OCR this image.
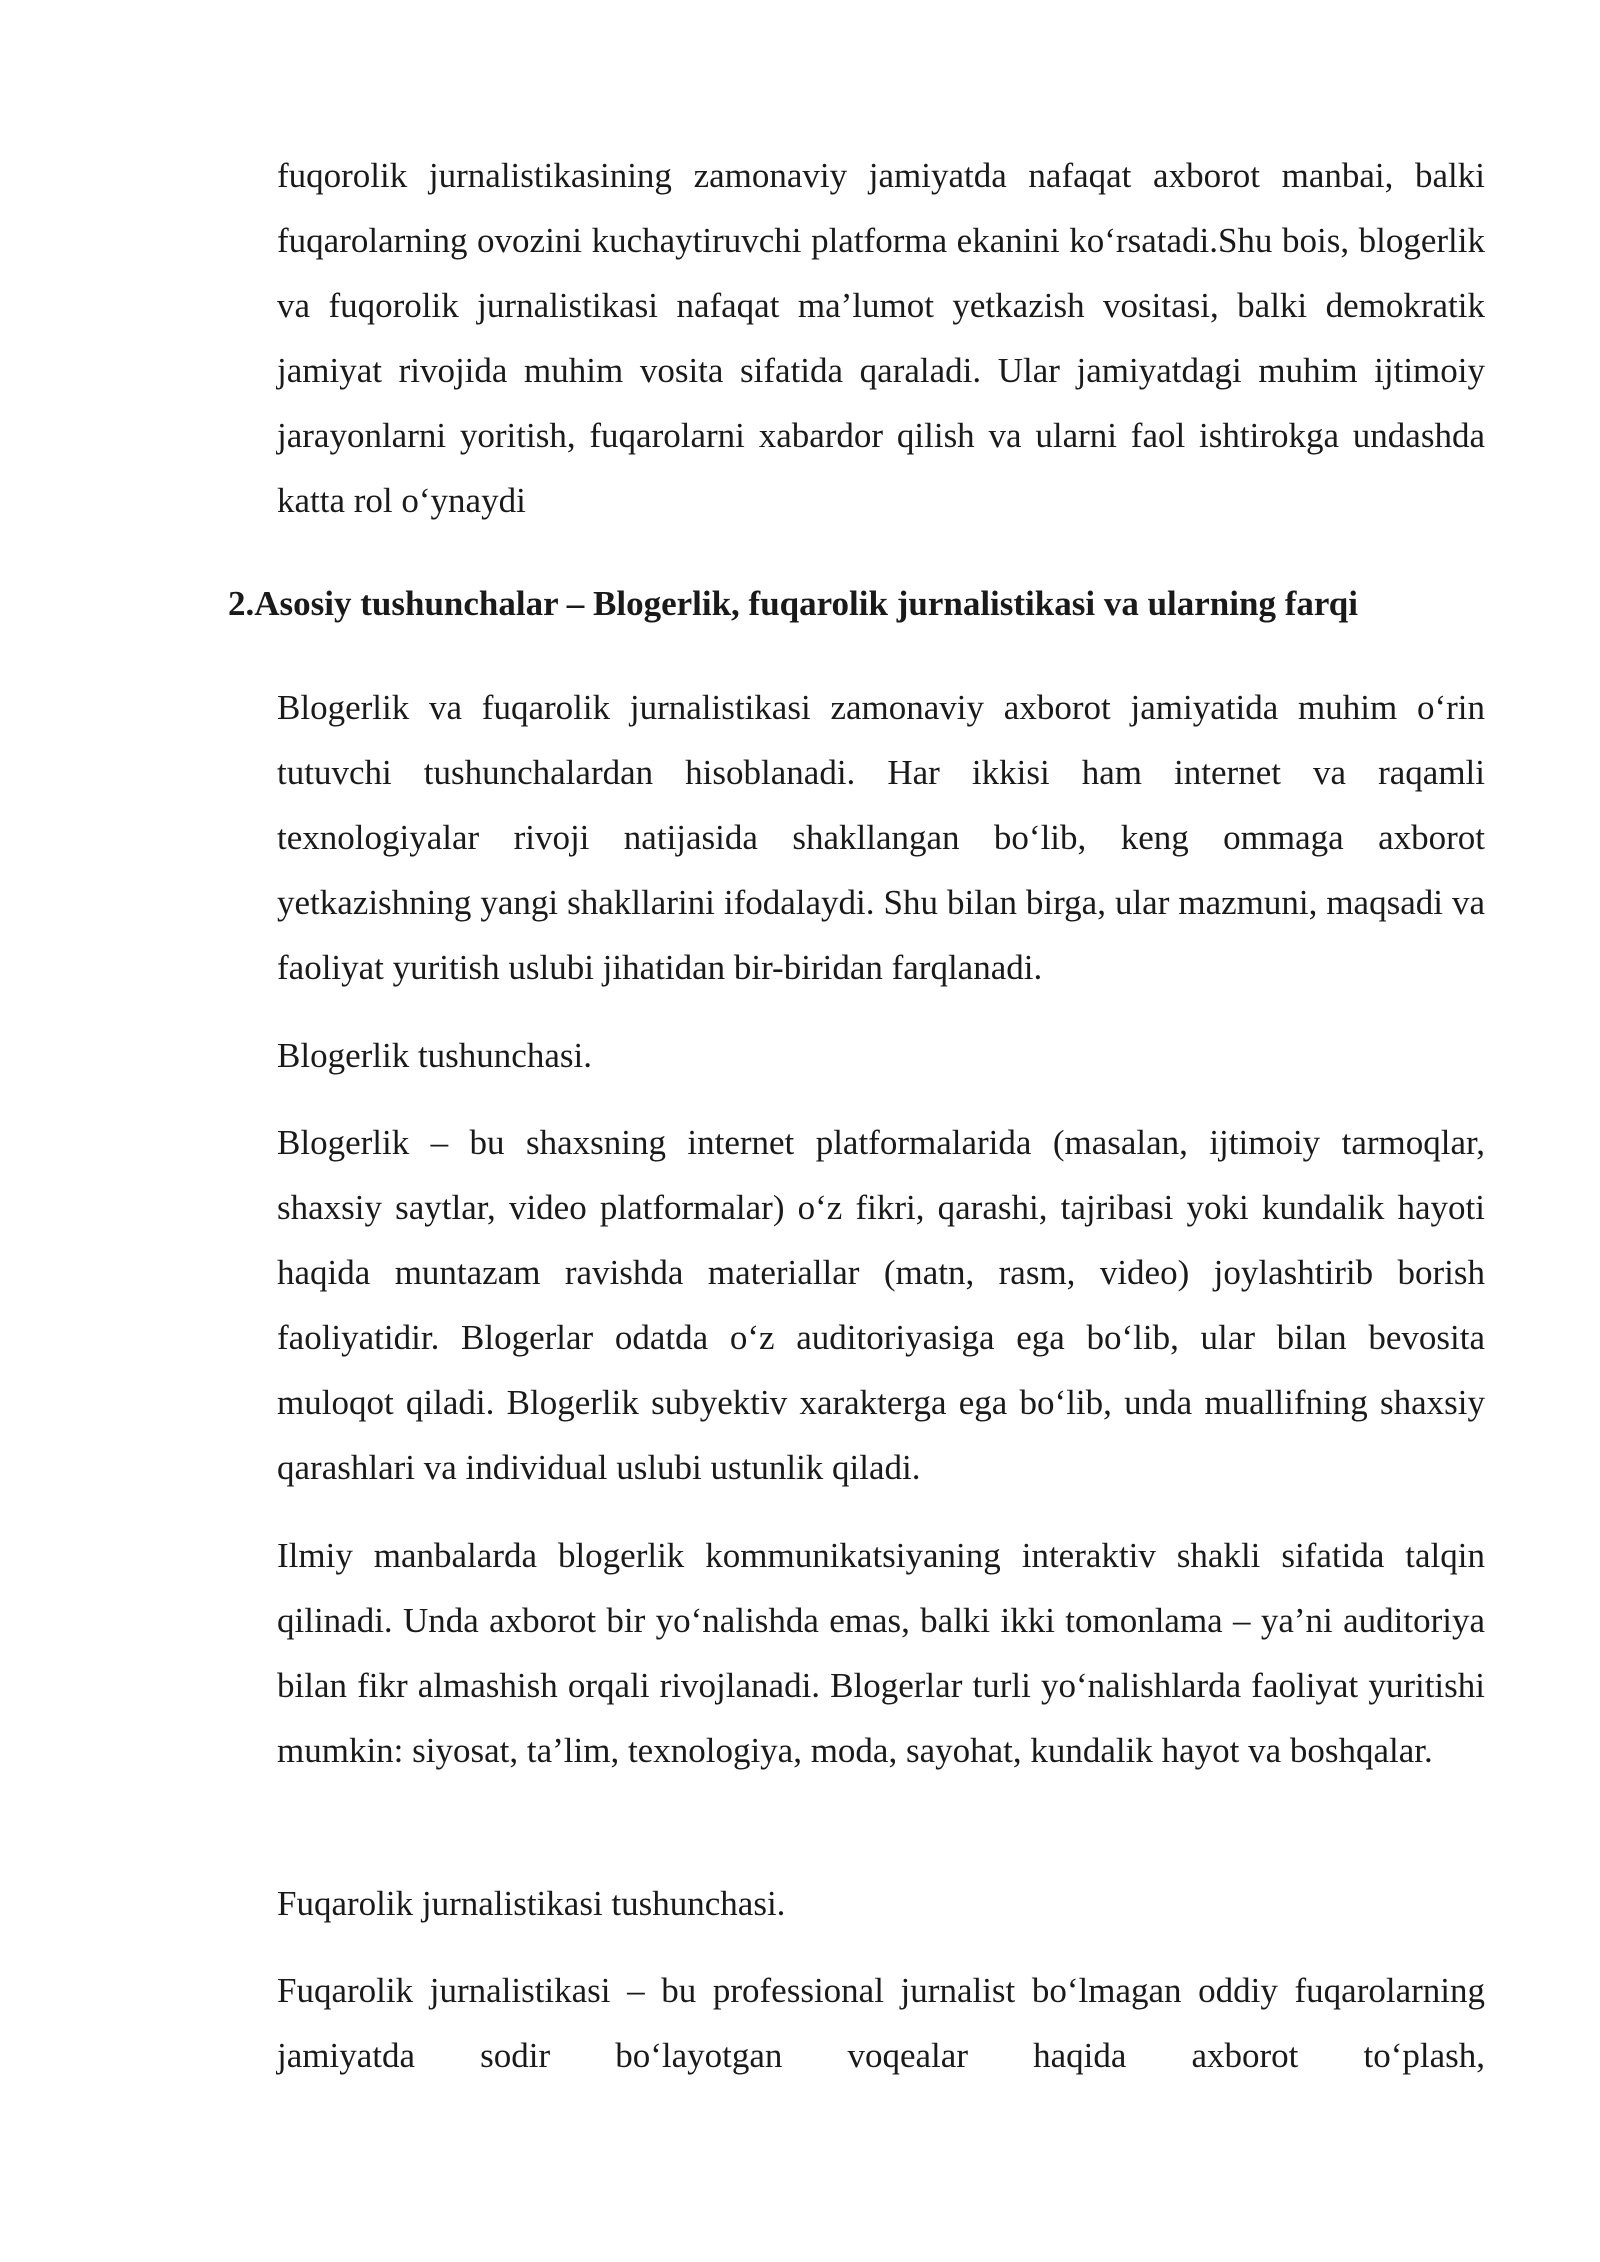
fuqorolik jurnalistikasining zamonaviy jamiyatda nafaqat axborot manbai, balki fuqarolarning ovozini kuchaytiruvchi platforma ekanini ko‘rsatadi.Shu bois, blogerlik va fuqorolik jurnalistikasi nafaqat ma’lumot yetkazish vositasi, balki demokratik jamiyat rivojida muhim vosita sifatida qaraladi. Ular jamiyatdagi muhim ijtimoiy jarayonlarni yoritish, fuqarolarni xabardor qilish va ularni faol ishtirokga undashda katta rol o‘ynaydi

2.Asosiy tushunchalar – Blogerlik, fuqarolik jurnalistikasi va ularning farqi

Blogerlik va fuqarolik jurnalistikasi zamonaviy axborot jamiyatida muhim o‘rin tutuvchi tushunchalardan hisoblanadi. Har ikkisi ham internet va raqamli texnologiyalar rivoji natijasida shakllangan bo‘lib, keng ommaga axborot yetkazishning yangi shakllarini ifodalaydi. Shu bilan birga, ular mazmuni, maqsadi va faoliyat yuritish uslubi jihatidan bir-biridan farqlanadi.

Blogerlik tushunchasi.

Blogerlik – bu shaxsning internet platformalarida (masalan, ijtimoiy tarmoqlar, shaxsiy saytlar, video platformalar) o‘z fikri, qarashi, tajribasi yoki kundalik hayoti haqida muntazam ravishda materiallar (matn, rasm, video) joylashtirib borish faoliyatidir. Blogerlar odatda o‘z auditoriyasiga ega bo‘lib, ular bilan bevosita muloqot qiladi. Blogerlik subyektiv xarakterga ega bo‘lib, unda muallifning shaxsiy qarashlari va individual uslubi ustunlik qiladi.

Ilmiy manbalarda blogerlik kommunikatsiyaning interaktiv shakli sifatida talqin qilinadi. Unda axborot bir yo‘nalishda emas, balki ikki tomonlama – ya’ni auditoriya bilan fikr almashish orqali rivojlanadi. Blogerlar turli yo‘nalishlarda faoliyat yuritishi mumkin: siyosat, ta’lim, texnologiya, moda, sayohat, kundalik hayot va boshqalar.

Fuqarolik jurnalistikasi tushunchasi.

Fuqarolik jurnalistikasi – bu professional jurnalist bo‘lmagan oddiy fuqarolarning jamiyatda sodir bo‘layotgan voqealar haqida axborot to‘plash,
